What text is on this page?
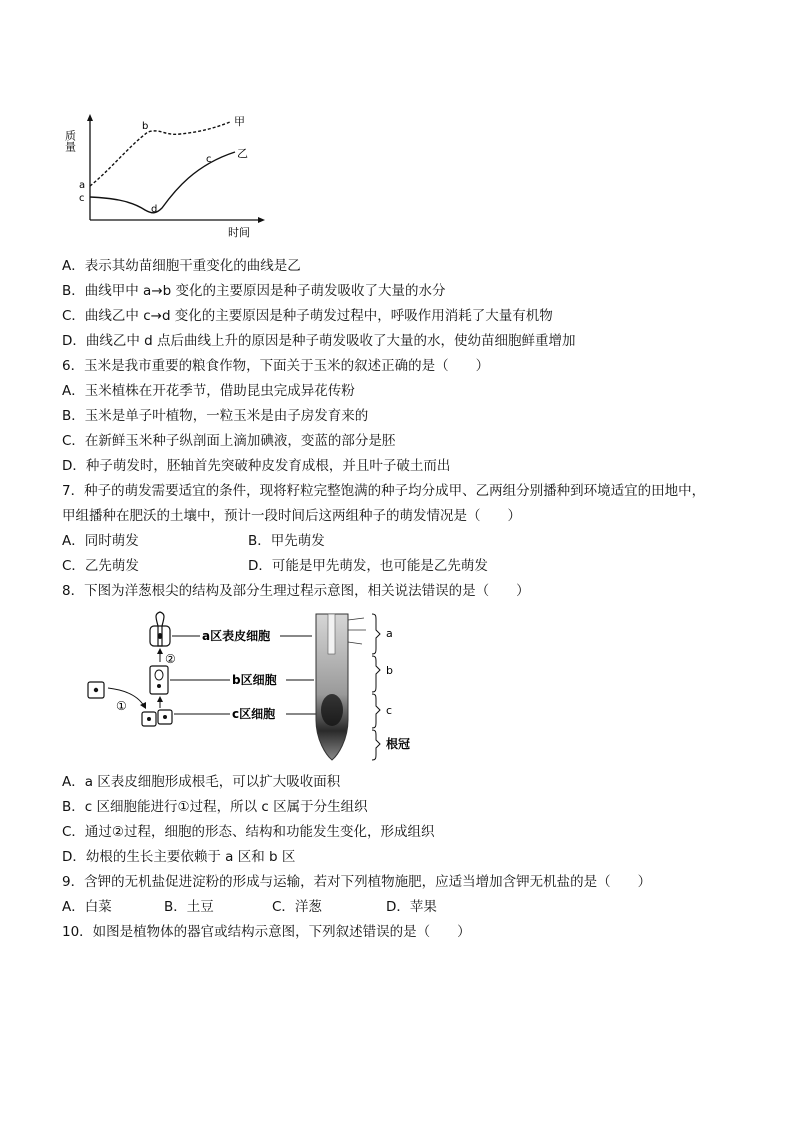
质量
时间
甲
乙
a
b
c
c
d
A．表示其幼苗细胞干重变化的曲线是乙
B．曲线甲中 a→b 变化的主要原因是种子萌发吸收了大量的水分
C．曲线乙中 c→d 变化的主要原因是种子萌发过程中，呼吸作用消耗了大量有机物
D．曲线乙中 d 点后曲线上升的原因是种子萌发吸收了大量的水，使幼苗细胞鲜重增加
6．玉米是我市重要的粮食作物，下面关于玉米的叙述正确的是（　　）
A．玉米植株在开花季节，借助昆虫完成异花传粉
B．玉米是单子叶植物，一粒玉米是由子房发育来的
C．在新鲜玉米种子纵剖面上滴加碘液，变蓝的部分是胚
D．种子萌发时，胚轴首先突破种皮发育成根，并且叶子破土而出
7．种子的萌发需要适宜的条件，现将籽粒完整饱满的种子均分成甲、乙两组分别播种到环境适宜的田地中，
甲组播种在肥沃的土壤中，预计一段时间后这两组种子的萌发情况是（　　）
A．同时萌发	B．甲先萌发
C．乙先萌发	D．可能是甲先萌发，也可能是乙先萌发
8．下图为洋葱根尖的结构及部分生理过程示意图，相关说法错误的是（　　）
a区表皮细胞
②
b区细胞
①
c区细胞
a
b
c
根冠
A．a 区表皮细胞形成根毛，可以扩大吸收面积
B．c 区细胞能进行①过程，所以 c 区属于分生组织
C．通过②过程，细胞的形态、结构和功能发生变化，形成组织
D．幼根的生长主要依赖于 a 区和 b 区
9．含钾的无机盐促进淀粉的形成与运输，若对下列植物施肥，应适当增加含钾无机盐的是（　　）
A．白菜	B．土豆	C．洋葱	D．苹果
10．如图是植物体的器官或结构示意图，下列叙述错误的是（　　）
